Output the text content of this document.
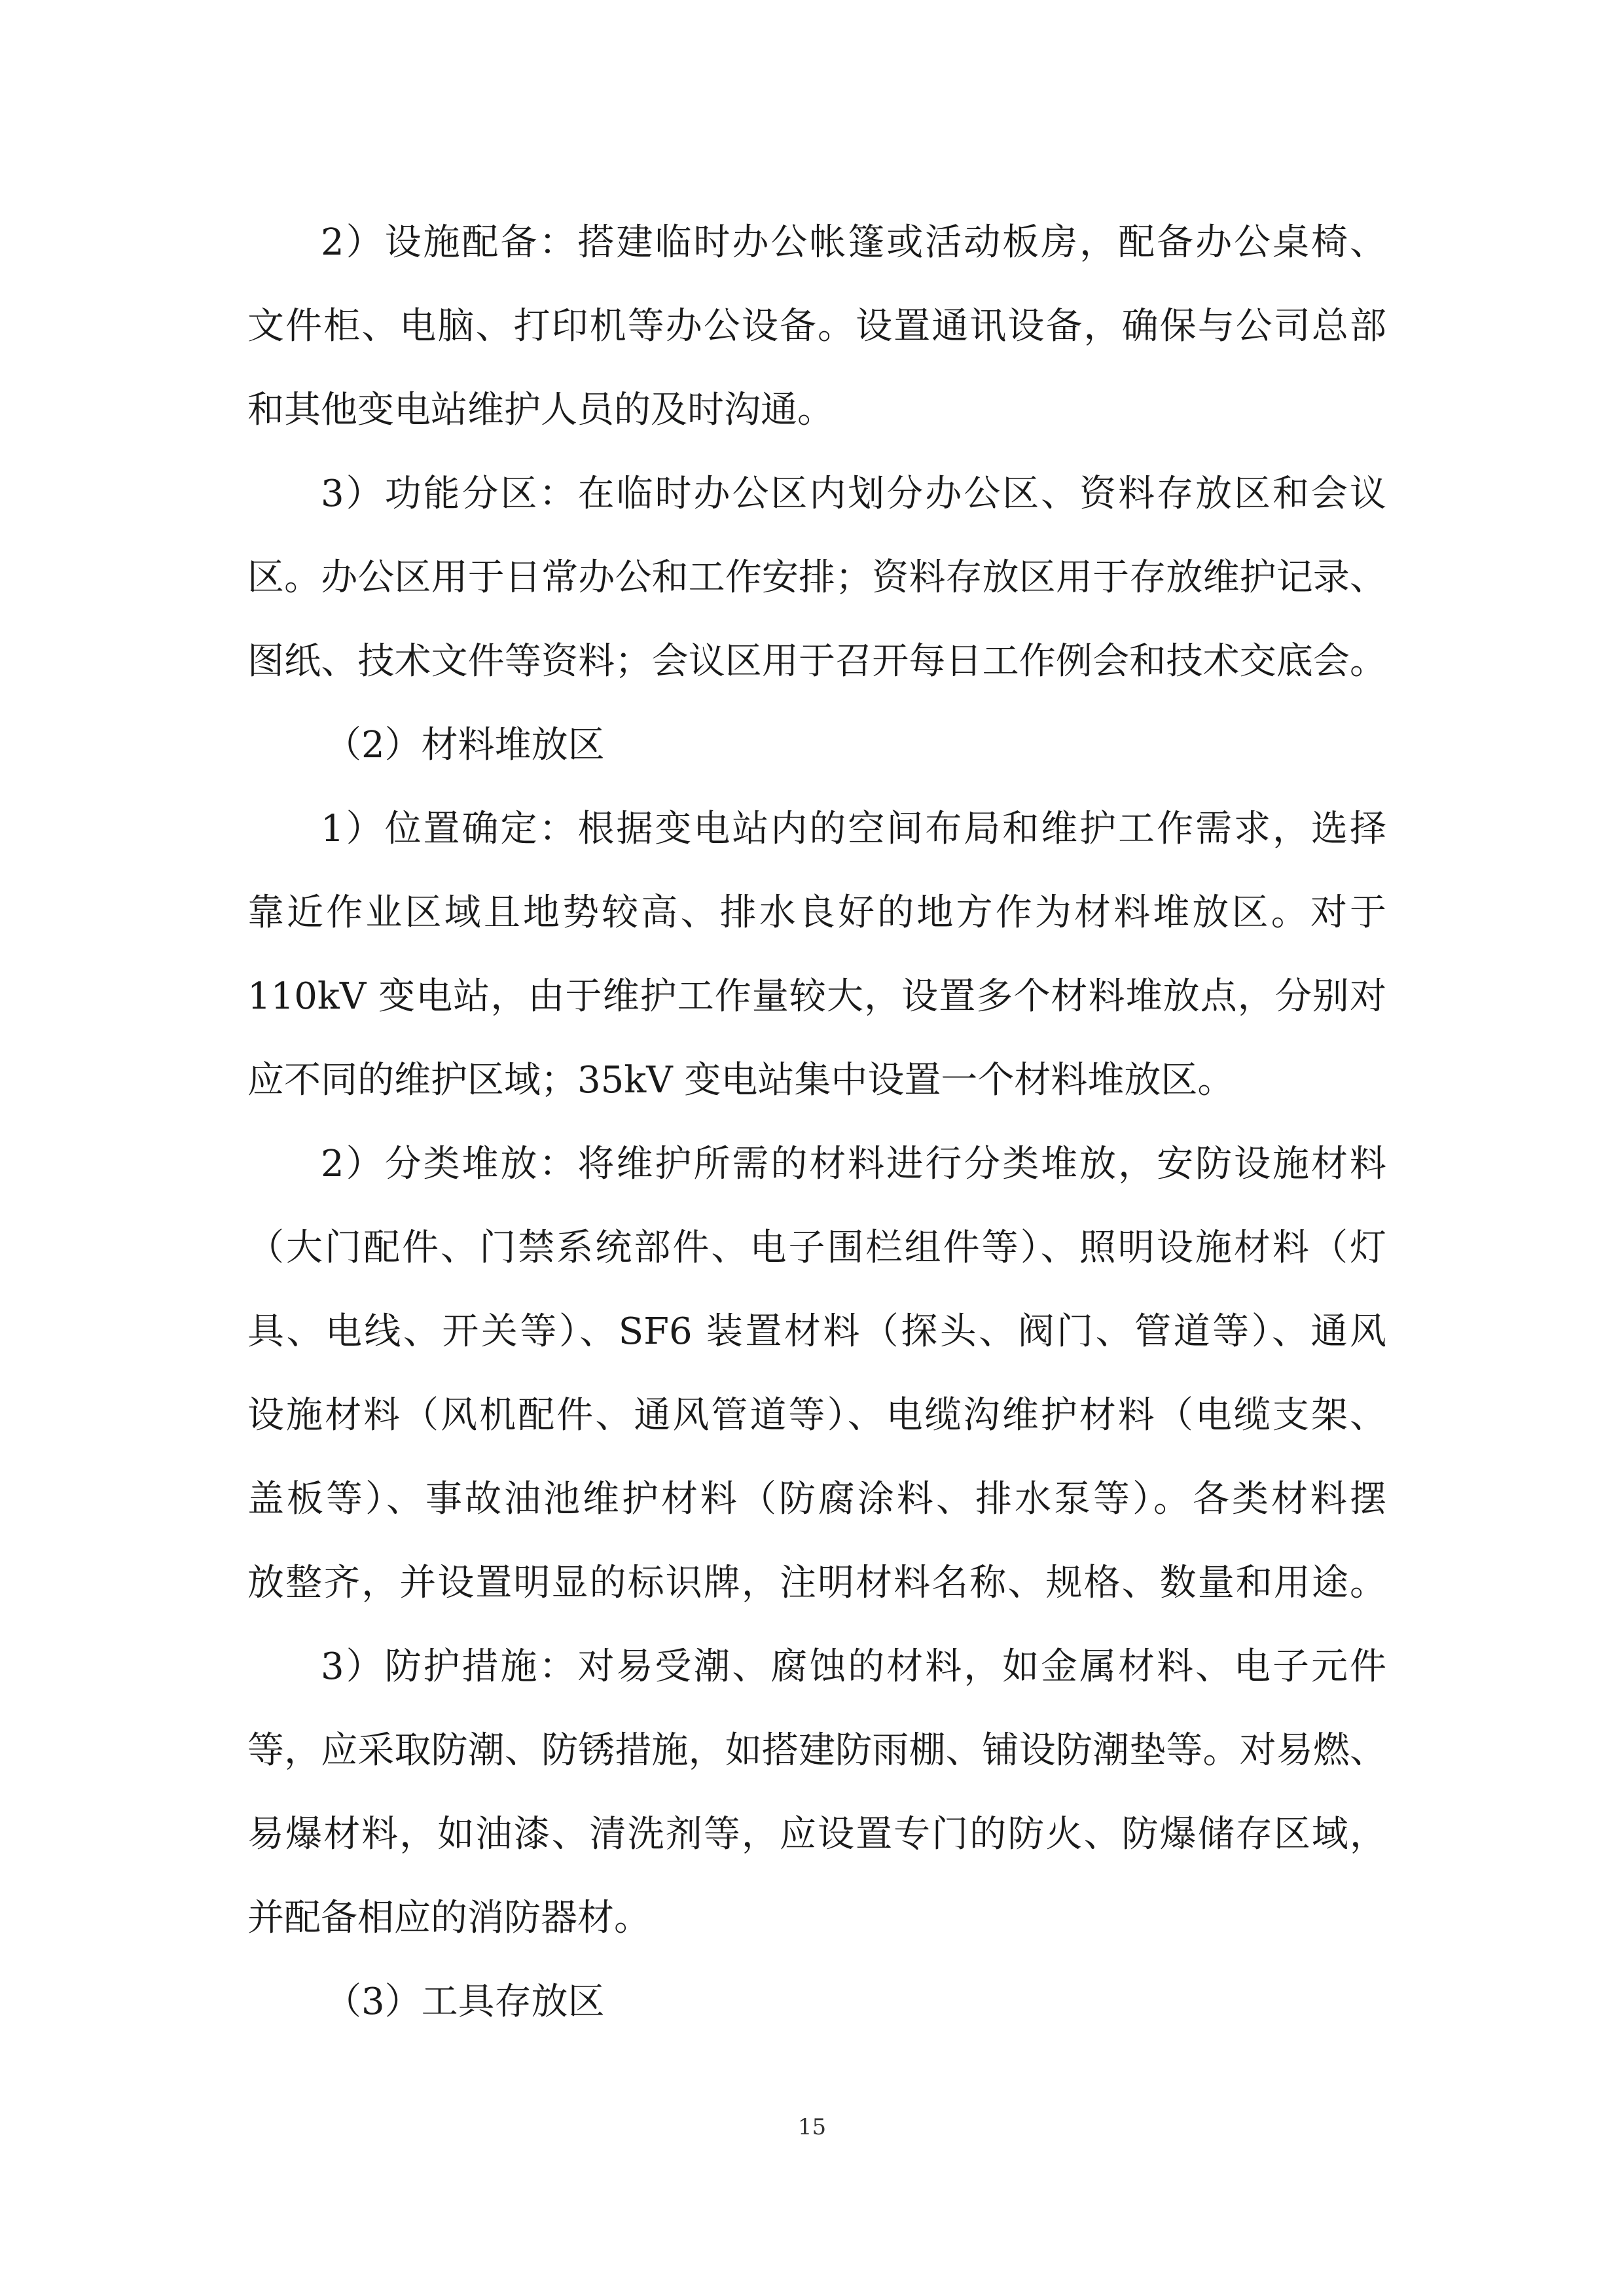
2）设施配备：搭建临时办公帐篷或活动板房，配备办公桌椅、
文件柜、电脑、打印机等办公设备。设置通讯设备，确保与公司总部
和其他变电站维护人员的及时沟通。
3）功能分区：在临时办公区内划分办公区、资料存放区和会议
区。办公区用于日常办公和工作安排；资料存放区用于存放维护记录、
图纸、技术文件等资料；会议区用于召开每日工作例会和技术交底会。
（2）材料堆放区
1）位置确定：根据变电站内的空间布局和维护工作需求，选择
靠近作业区域且地势较高、排水良好的地方作为材料堆放区。对于
110kV 变电站，由于维护工作量较大，设置多个材料堆放点，分别对
应不同的维护区域；35kV 变电站集中设置一个材料堆放区。
2）分类堆放：将维护所需的材料进行分类堆放，安防设施材料
（大门配件、门禁系统部件、电子围栏组件等）、照明设施材料（灯
具、电线、开关等）、SF6 装置材料（探头、阀门、管道等）、通风
设施材料（风机配件、通风管道等）、电缆沟维护材料（电缆支架、
盖板等）、事故油池维护材料（防腐涂料、排水泵等）。各类材料摆
放整齐，并设置明显的标识牌，注明材料名称、规格、数量和用途。
3）防护措施：对易受潮、腐蚀的材料，如金属材料、电子元件
等，应采取防潮、防锈措施，如搭建防雨棚、铺设防潮垫等。对易燃、
易爆材料，如油漆、清洗剂等，应设置专门的防火、防爆储存区域，
并配备相应的消防器材。
（3）工具存放区
15
